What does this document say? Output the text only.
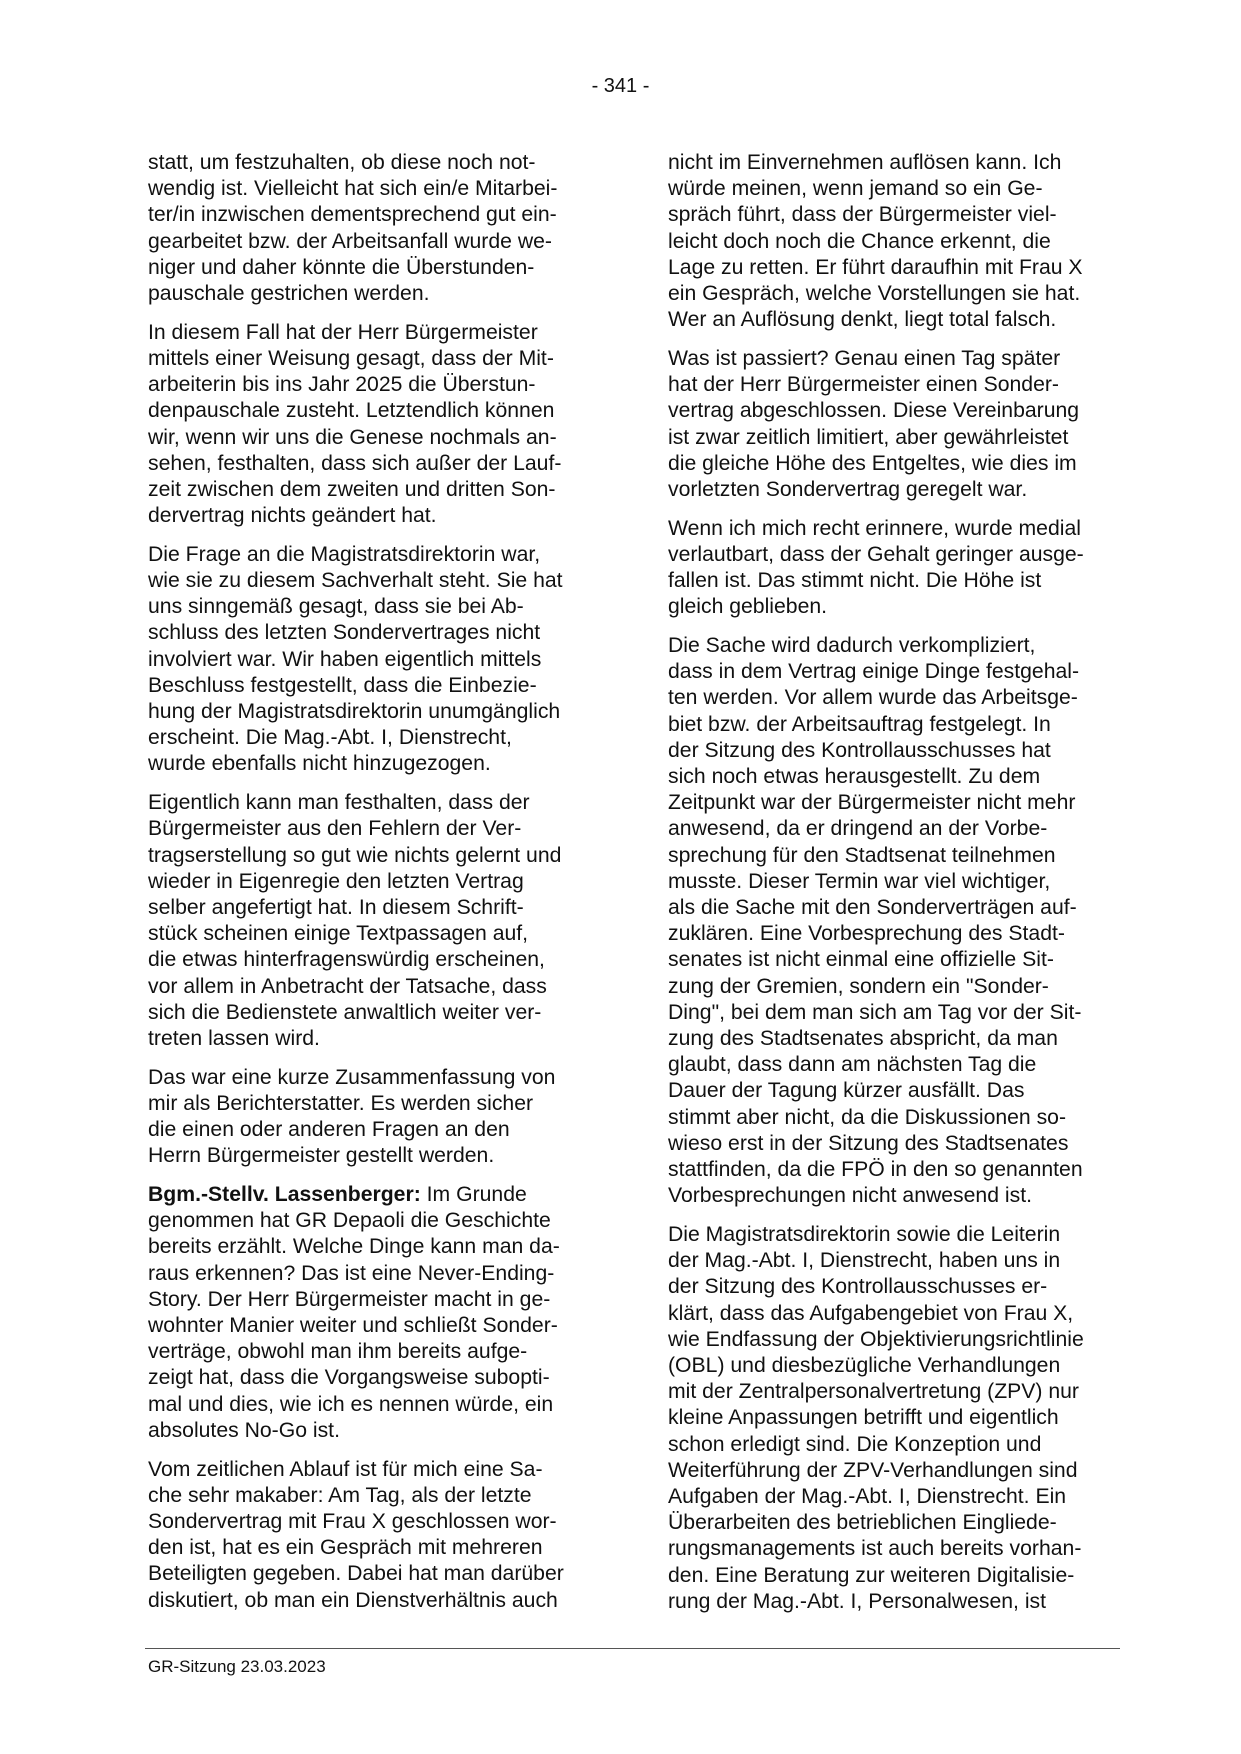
- 341 -

statt, um festzuhalten, ob diese noch not-
wendig ist. Vielleicht hat sich ein/e Mitarbei-
ter/in inzwischen dementsprechend gut ein-
gearbeitet bzw. der Arbeitsanfall wurde we-
niger und daher könnte die Überstunden-
pauschale gestrichen werden.

In diesem Fall hat der Herr Bürgermeister
mittels einer Weisung gesagt, dass der Mit-
arbeiterin bis ins Jahr 2025 die Überstun-
denpauschale zusteht. Letztendlich können
wir, wenn wir uns die Genese nochmals an-
sehen, festhalten, dass sich außer der Lauf-
zeit zwischen dem zweiten und dritten Son-
dervertrag nichts geändert hat.

Die Frage an die Magistratsdirektorin war,
wie sie zu diesem Sachverhalt steht. Sie hat
uns sinngemäß gesagt, dass sie bei Ab-
schluss des letzten Sondervertrages nicht
involviert war. Wir haben eigentlich mittels
Beschluss festgestellt, dass die Einbezie-
hung der Magistratsdirektorin unumgänglich
erscheint. Die Mag.-Abt. I, Dienstrecht,
wurde ebenfalls nicht hinzugezogen.

Eigentlich kann man festhalten, dass der
Bürgermeister aus den Fehlern der Ver-
tragserstellung so gut wie nichts gelernt und
wieder in Eigenregie den letzten Vertrag
selber angefertigt hat. In diesem Schrift-
stück scheinen einige Textpassagen auf,
die etwas hinterfragenswürdig erscheinen,
vor allem in Anbetracht der Tatsache, dass
sich die Bedienstete anwaltlich weiter ver-
treten lassen wird.

Das war eine kurze Zusammenfassung von
mir als Berichterstatter. Es werden sicher
die einen oder anderen Fragen an den
Herrn Bürgermeister gestellt werden.

Bgm.-Stellv. Lassenberger: Im Grunde
genommen hat GR Depaoli die Geschichte
bereits erzählt. Welche Dinge kann man da-
raus erkennen? Das ist eine Never-Ending-
Story. Der Herr Bürgermeister macht in ge-
wohnter Manier weiter und schließt Sonder-
verträge, obwohl man ihm bereits aufge-
zeigt hat, dass die Vorgangsweise subopti-
mal und dies, wie ich es nennen würde, ein
absolutes No-Go ist.

Vom zeitlichen Ablauf ist für mich eine Sa-
che sehr makaber: Am Tag, als der letzte
Sondervertrag mit Frau X geschlossen wor-
den ist, hat es ein Gespräch mit mehreren
Beteiligten gegeben. Dabei hat man darüber
diskutiert, ob man ein Dienstverhältnis auch

nicht im Einvernehmen auflösen kann. Ich
würde meinen, wenn jemand so ein Ge-
spräch führt, dass der Bürgermeister viel-
leicht doch noch die Chance erkennt, die
Lage zu retten. Er führt daraufhin mit Frau X
ein Gespräch, welche Vorstellungen sie hat.
Wer an Auflösung denkt, liegt total falsch.

Was ist passiert? Genau einen Tag später
hat der Herr Bürgermeister einen Sonder-
vertrag abgeschlossen. Diese Vereinbarung
ist zwar zeitlich limitiert, aber gewährleistet
die gleiche Höhe des Entgeltes, wie dies im
vorletzten Sondervertrag geregelt war.

Wenn ich mich recht erinnere, wurde medial
verlautbart, dass der Gehalt geringer ausge-
fallen ist. Das stimmt nicht. Die Höhe ist
gleich geblieben.

Die Sache wird dadurch verkompliziert,
dass in dem Vertrag einige Dinge festgehal-
ten werden. Vor allem wurde das Arbeitsge-
biet bzw. der Arbeitsauftrag festgelegt. In
der Sitzung des Kontrollausschusses hat
sich noch etwas herausgestellt. Zu dem
Zeitpunkt war der Bürgermeister nicht mehr
anwesend, da er dringend an der Vorbe-
sprechung für den Stadtsenat teilnehmen
musste. Dieser Termin war viel wichtiger,
als die Sache mit den Sonderverträgen auf-
zuklären. Eine Vorbesprechung des Stadt-
senates ist nicht einmal eine offizielle Sit-
zung der Gremien, sondern ein "Sonder-
Ding", bei dem man sich am Tag vor der Sit-
zung des Stadtsenates abspricht, da man
glaubt, dass dann am nächsten Tag die
Dauer der Tagung kürzer ausfällt. Das
stimmt aber nicht, da die Diskussionen so-
wieso erst in der Sitzung des Stadtsenates
stattfinden, da die FPÖ in den so genannten
Vorbesprechungen nicht anwesend ist.

Die Magistratsdirektorin sowie die Leiterin
der Mag.-Abt. I, Dienstrecht, haben uns in
der Sitzung des Kontrollausschusses er-
klärt, dass das Aufgabengebiet von Frau X,
wie Endfassung der Objektivierungsrichtlinie
(OBL) und diesbezügliche Verhandlungen
mit der Zentralpersonalvertretung (ZPV) nur
kleine Anpassungen betrifft und eigentlich
schon erledigt sind. Die Konzeption und
Weiterführung der ZPV-Verhandlungen sind
Aufgaben der Mag.-Abt. I, Dienstrecht. Ein
Überarbeiten des betrieblichen Eingliede-
rungsmanagements ist auch bereits vorhan-
den. Eine Beratung zur weiteren Digitalisie-
rung der Mag.-Abt. I, Personalwesen, ist

GR-Sitzung 23.03.2023
